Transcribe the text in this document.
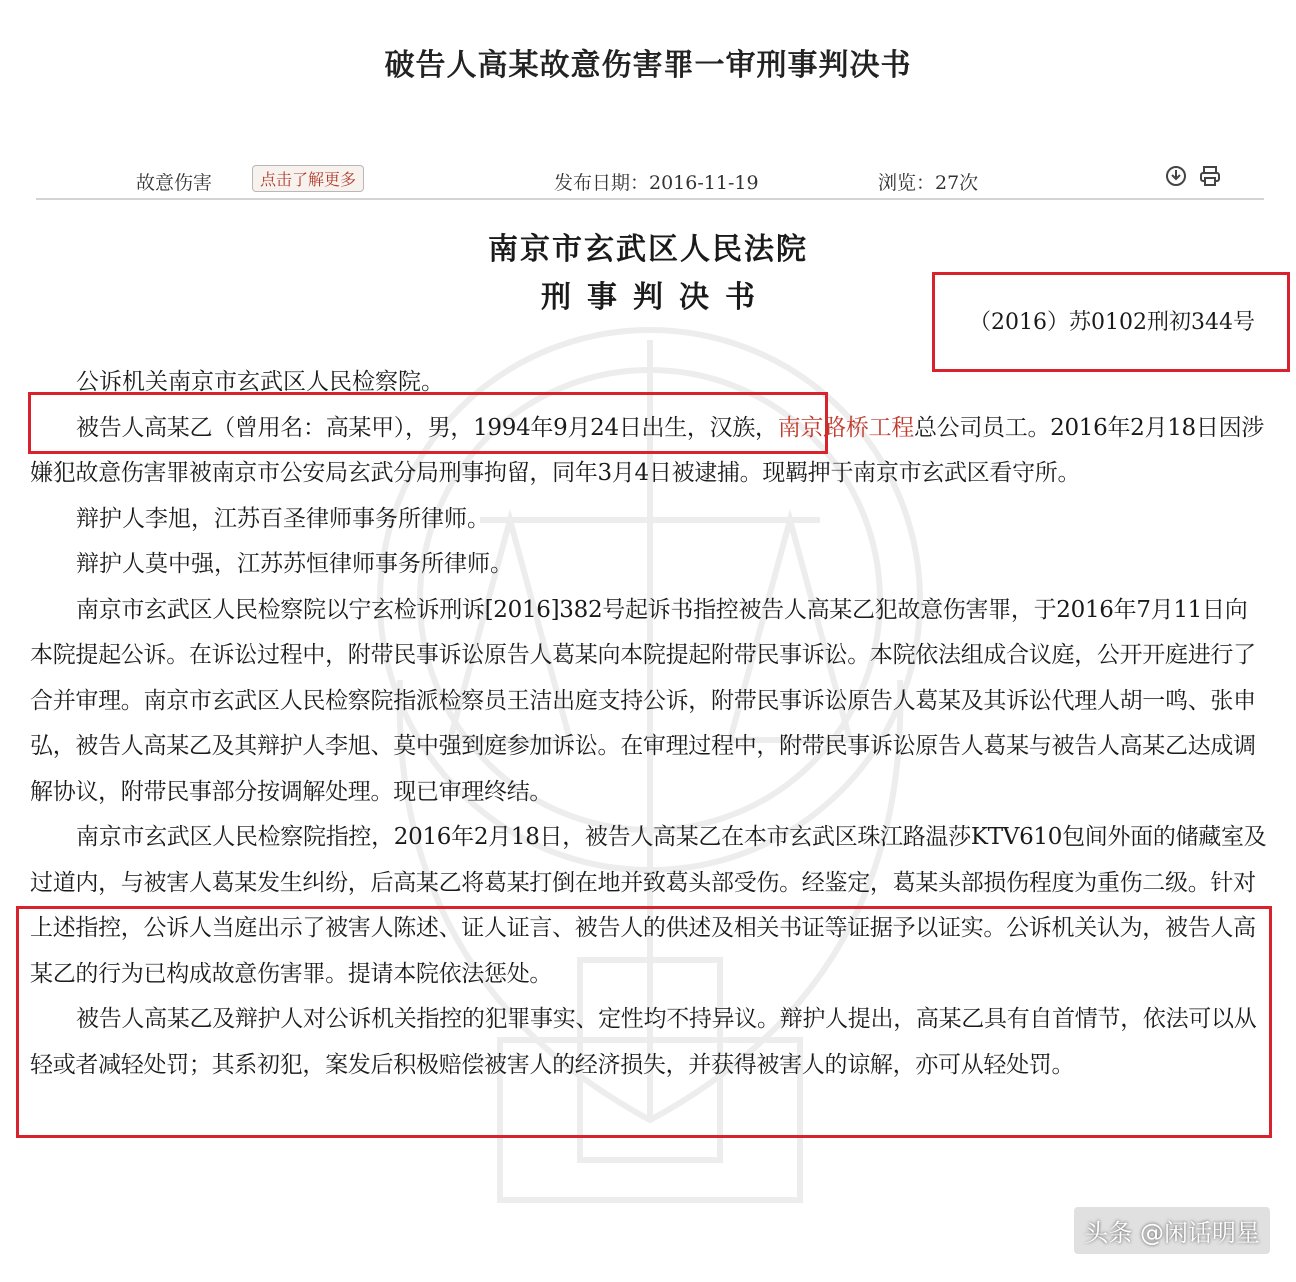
破告人高某故意伤害罪一审刑事判决书
故意伤害	点击了解更多	发布日期：2016-11-19	浏览：27次
南京市玄武区人民法院
刑事判决书
（2016）苏0102刑初344号

公诉机关南京市玄武区人民检察院。

被告人高某乙（曾用名：高某甲），男，1994年9月24日出生，汉族，南京路桥工程总公司员工。2016年2月18日因涉嫌犯故意伤害罪被南京市公安局玄武分局刑事拘留，同年3月4日被逮捕。现羁押于南京市玄武区看守所。

辩护人李旭，江苏百圣律师事务所律师。

辩护人莫中强，江苏苏恒律师事务所律师。

南京市玄武区人民检察院以宁玄检诉刑诉[2016]382号起诉书指控被告人高某乙犯故意伤害罪，于2016年7月11日向本院提起公诉。在诉讼过程中，附带民事诉讼原告人葛某向本院提起附带民事诉讼。本院依法组成合议庭，公开开庭进行了合并审理。南京市玄武区人民检察院指派检察员王洁出庭支持公诉，附带民事诉讼原告人葛某及其诉讼代理人胡一鸣、张申弘，被告人高某乙及其辩护人李旭、莫中强到庭参加诉讼。在审理过程中，附带民事诉讼原告人葛某与被告人高某乙达成调解协议，附带民事部分按调解处理。现已审理终结。

南京市玄武区人民检察院指控，2016年2月18日，被告人高某乙在本市玄武区珠江路温莎KTV610包间外面的储藏室及过道内，与被害人葛某发生纠纷，后高某乙将葛某打倒在地并致葛头部受伤。经鉴定，葛某头部损伤程度为重伤二级。针对上述指控，公诉人当庭出示了被害人陈述、证人证言、被告人的供述及相关书证等证据予以证实。公诉机关认为，被告人高某乙的行为已构成故意伤害罪。提请本院依法惩处。

被告人高某乙及辩护人对公诉机关指控的犯罪事实、定性均不持异议。辩护人提出，高某乙具有自首情节，依法可以从轻或者减轻处罚；其系初犯，案发后积极赔偿被害人的经济损失，并获得被害人的谅解，亦可从轻处罚。

头条 @闲话明星
